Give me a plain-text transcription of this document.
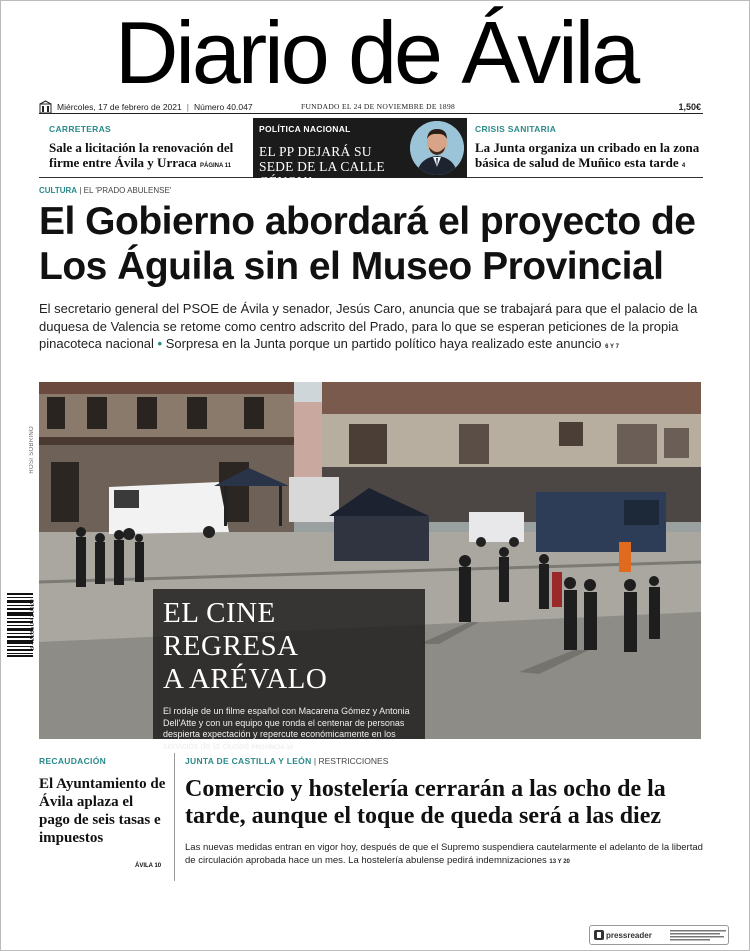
Diario de Ávila
Miércoles, 17 de febrero de 2021 | Número 40.047	FUNDADO EL 24 DE NOVIEMBRE DE 1898	1,50€
CARRETERAS
Sale a licitación la renovación del firme entre Ávila y Urraca PÁGINA 11
POLÍTICA NACIONAL
EL PP DEJARÁ SU SEDE DE LA CALLE GÉNOVA24
CRISIS SANITARIA
La Junta organiza un cribado en la zona básica de salud de Muñico esta tarde 4
CULTURA | EL 'PRADO ABULENSE'
El Gobierno abordará el proyecto de Los Águila sin el Museo Provincial
El secretario general del PSOE de Ávila y senador, Jesús Caro, anuncia que se trabajará para que el palacio de la duquesa de Valencia se retome como centro adscrito del Prado, para lo que se esperan peticiones de la propia pinacoteca nacional • Sorpresa en la Junta porque un partido político haya realizado este anuncio 6 Y 7
ROSI SOBRINO
EL CINE REGRESA
A ARÉVALO
El rodaje de un filme español con Macarena Gómez y Antonia Dell'Atte y con un equipo que ronda el centenar de personas despierta expectación y repercute económicamente en los servicios de la ciudad PROVINCIA 16
8 422850 420029
RECAUDACIÓN
El Ayuntamiento de Ávila aplaza el pago de seis tasas e impuestos
ÁVILA 10
JUNTA DE CASTILLA Y LEÓN | RESTRICCIONES
Comercio y hostelería cerrarán a las ocho de la tarde, aunque el toque de queda será a las diez
Las nuevas medidas entran en vigor hoy, después de que el Supremo suspendiera cautelarmente el adelanto de la libertad de circulación aprobada hace un mes. La hostelería abulense pedirá indemnizaciones 13 Y 20
pressreader
